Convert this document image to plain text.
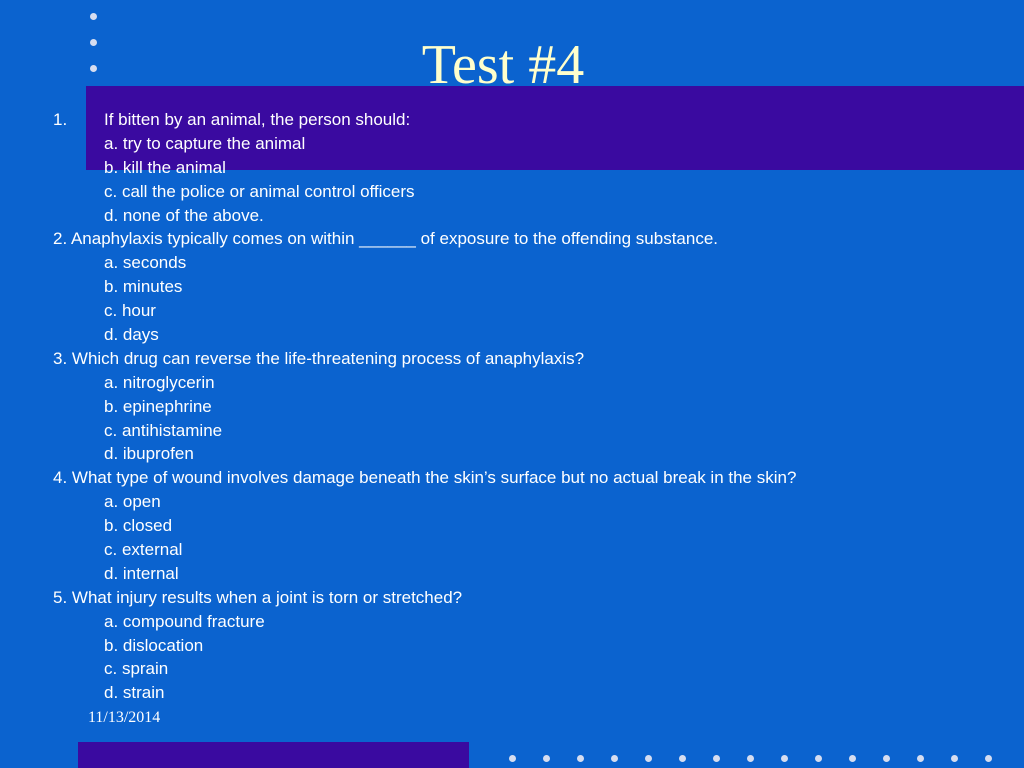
Test #4
1. If bitten by an animal, the person should:
a. try to capture the animal
b. kill the animal
c. call the police or animal control officers
d. none of the above.
2. Anaphylaxis typically comes on within ______ of exposure to the offending substance.
a. seconds
b. minutes
c. hour
d. days
3. Which drug can reverse the life-threatening process of anaphylaxis?
a. nitroglycerin
b. epinephrine
c. antihistamine
d. ibuprofen
4. What type of wound involves damage beneath the skin’s surface but no actual break in the skin?
a. open
b. closed
c. external
d. internal
5. What injury results when a joint is torn or stretched?
a. compound fracture
b. dislocation
c. sprain
d. strain
11/13/2014
